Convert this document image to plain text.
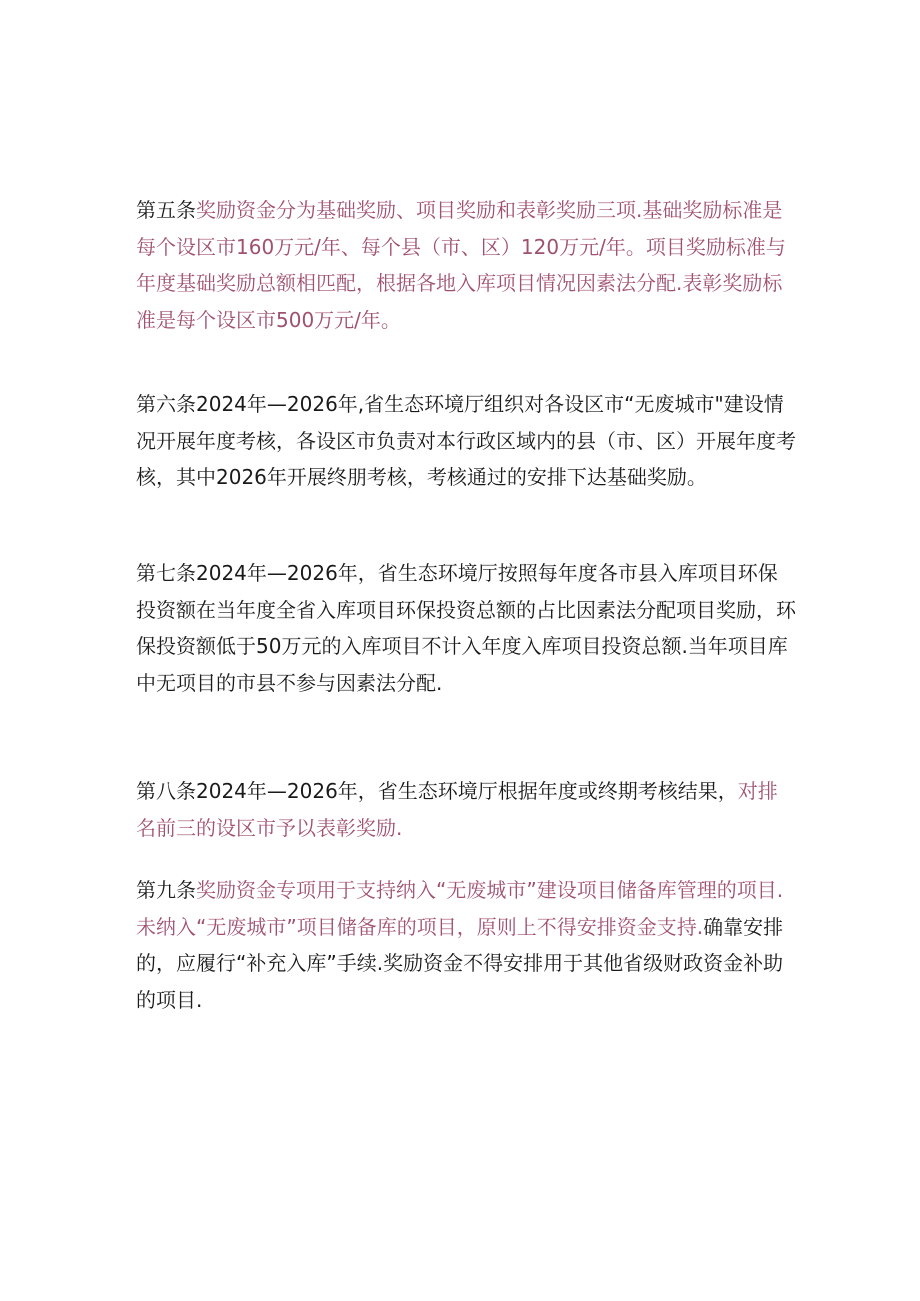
第五条奖励资金分为基础奖励、项目奖励和表彰奖励三项.基础奖励标准是每个设区市160万元/年、每个县（市、区）120万元/年。项目奖励标准与年度基础奖励总额相匹配，根据各地入库项目情况因素法分配.表彰奖励标准是每个设区市500万元/年。

第六条2024年—2026年,省生态环境厅组织对各设区市“无废城市"建设情况开展年度考核，各设区市负责对本行政区域内的县（市、区）开展年度考核，其中2026年开展终朋考核，考核通过的安排下达基础奖励。

第七条2024年—2026年，省生态环境厅按照每年度各市县入库项目环保投资额在当年度全省入库项目环保投资总额的占比因素法分配项目奖励，环保投资额低于50万元的入库项目不计入年度入库项目投资总额.当年项目库中无项目的市县不参与因素法分配.

第八条2024年—2026年，省生态环境厅根据年度或终期考核结果，对排名前三的设区市予以表彰奖励.

第九条奖励资金专项用于支持纳入“无废城市”建设项目储备库管理的项目.未纳入“无废城市”项目储备库的项目，原则上不得安排资金支持.确靠安排的，应履行“补充入库”手续.奖励资金不得安排用于其他省级财政资金补助的项目.
